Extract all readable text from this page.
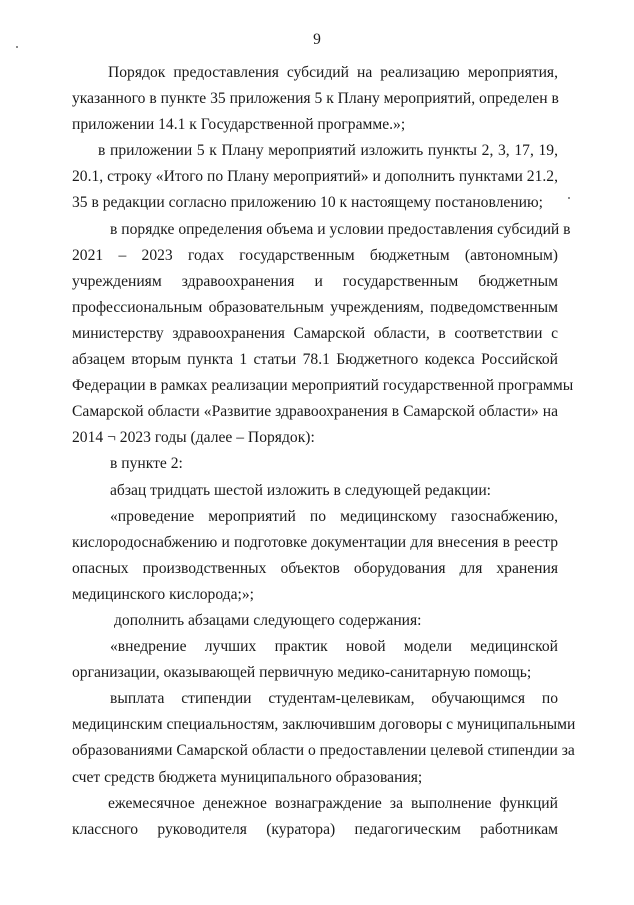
9

Порядок предоставления субсидий на реализацию мероприятия,
указанного в пункте 35 приложения 5 к Плану мероприятий, определен в
приложении 14.1 к Государственной программе.»;

в приложении 5 к Плану мероприятий изложить пункты 2, 3, 17, 19,
20.1, строку «Итого по Плану мероприятий» и дополнить пунктами 21.2,
35 в редакции согласно приложению 10 к настоящему постановлению;

в порядке определения объема и условии предоставления субсидий в
2021 – 2023 годах государственным бюджетным (автономным)
учреждениям здравоохранения и государственным бюджетным
профессиональным образовательным учреждениям, подведомственным
министерству здравоохранения Самарской области, в соответствии с
абзацем вторым пункта 1 статьи 78.1 Бюджетного кодекса Российской
Федерации в рамках реализации мероприятий государственной программы
Самарской области «Развитие здравоохранения в Самарской области» на
2014 ¬ 2023 годы (далее – Порядок):

в пункте 2:

абзац тридцать шестой изложить в следующей редакции:

«проведение мероприятий по медицинскому газоснабжению,
кислородоснабжению и подготовке документации для внесения в реестр
опасных производственных объектов оборудования для хранения
медицинского кислорода;»;

дополнить абзацами следующего содержания:

«внедрение лучших практик новой модели медицинской
организации, оказывающей первичную медико-санитарную помощь;

выплата стипендии студентам-целевикам, обучающимся по
медицинским специальностям, заключившим договоры с муниципальными
образованиями Самарской области о предоставлении целевой стипендии за
счет средств бюджета муниципального образования;

ежемесячное денежное вознаграждение за выполнение функций
классного руководителя (куратора) педагогическим работникам
